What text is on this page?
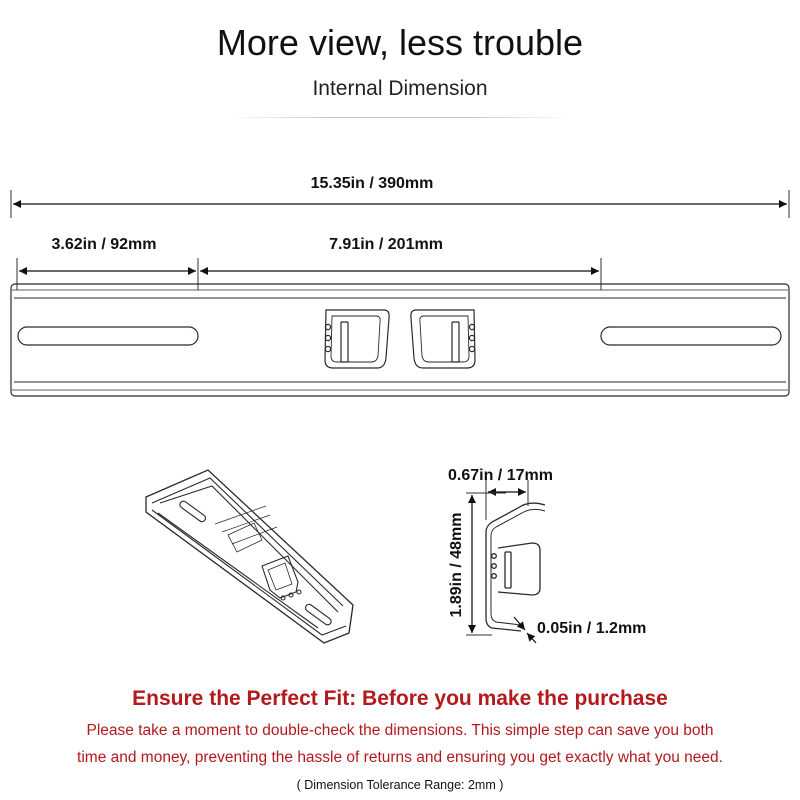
More view, less trouble
Internal Dimension
15.35in / 390mm
3.62in / 92mm	7.91in / 201mm
0.67in / 17mm
1.89in / 48mm
0.05in / 1.2mm
Ensure the Perfect Fit: Before you make the purchase
Please take a moment to double-check the dimensions. This simple step can save you both
time and money, preventing the hassle of returns and ensuring you get exactly what you need.
( Dimension Tolerance Range: 2mm )
